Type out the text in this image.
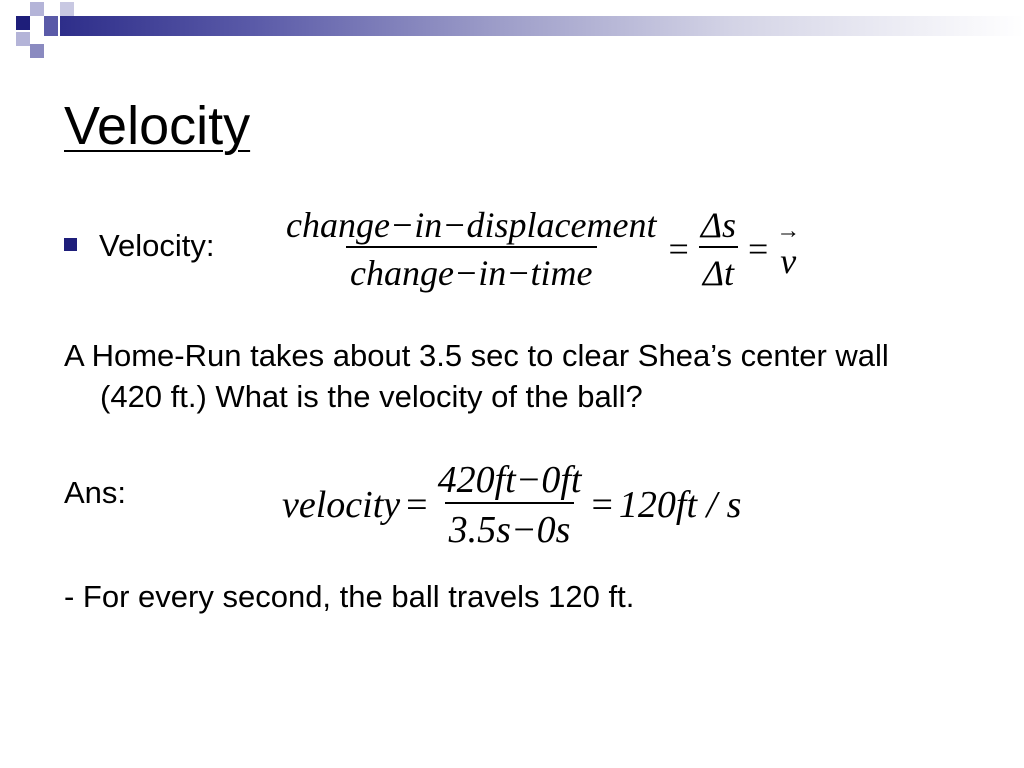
Velocity
Velocity: $\frac{\text{change−in−displacement}}{\text{change−in−time}} = \frac{\Delta s}{\Delta t}$ = →
v

A Home-Run takes about 3.5 sec to clear Shea’s center wall (420 ft.) What is the velocity of the ball?

Ans:	velocity = $\frac{420ft-0ft}{3.5s-0s} = 120ft / s$
- For every second, the ball travels 120 ft.
